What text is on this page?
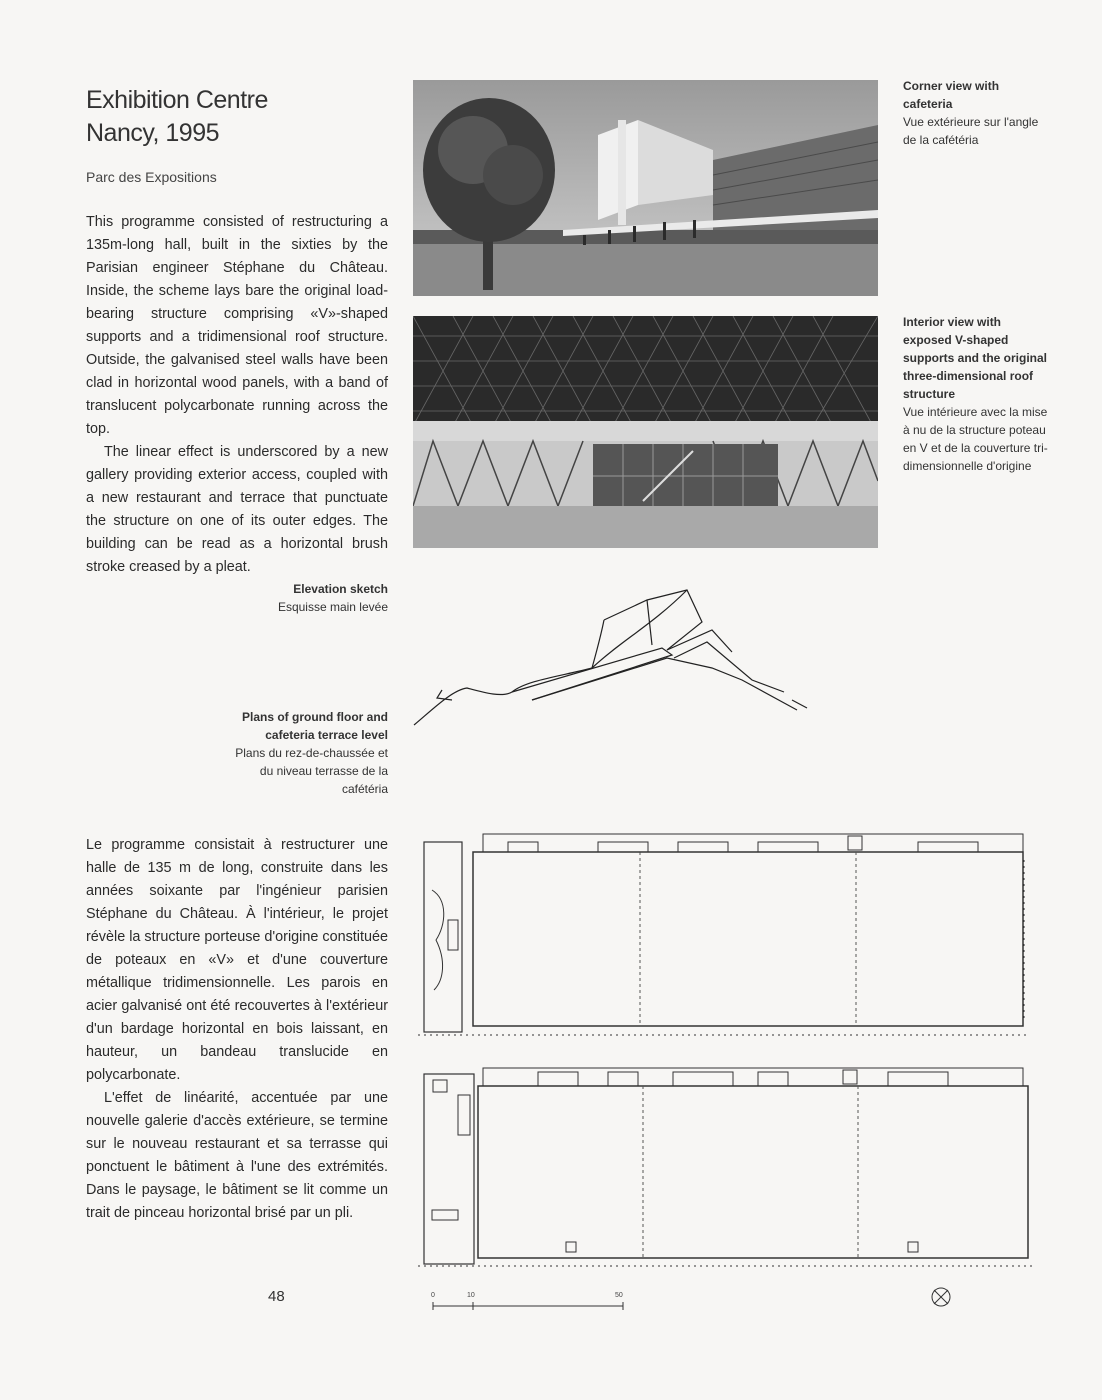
Exhibition Centre
Nancy, 1995
Parc des Expositions

This programme consisted of restructuring a 135m-long hall, built in the sixties by the Parisian engineer Stéphane du Château. Inside, the scheme lays bare the original load-bearing structure comprising «V»-shaped supports and a tridimensional roof structure. Outside, the galvanised steel walls have been clad in horizontal wood panels, with a band of translucent polycarbonate running across the top.

The linear effect is underscored by a new gallery providing exterior access, coupled with a new restaurant and terrace that punctuate the structure on one of its outer edges. The building can be read as a horizontal brush stroke creased by a pleat.

Corner view with cafeteria
Vue extérieure sur l'angle de la cafétéria
Interior view with exposed V-shaped supports and the original three-dimensional roof structure
Vue intérieure avec la mise à nu de la structure poteau en V et de la couverture tri-dimensionnelle d'origine
Elevation sketch
Esquisse main levée
Plans of ground floor and cafeteria terrace level
Plans du rez-de-chaussée et du niveau terrasse de la cafétéria

Le programme consistait à restructurer une halle de 135 m de long, construite dans les années soixante par l'ingénieur parisien Stéphane du Château. À l'intérieur, le projet révèle la structure porteuse d'origine constituée de poteaux en «V» et d'une couverture métallique tridimensionnelle. Les parois en acier galvanisé ont été recouvertes à l'extérieur d'un bardage horizontal en bois laissant, en hauteur, un bandeau translucide en polycarbonate.

L'effet de linéarité, accentuée par une nouvelle galerie d'accès extérieure, se termine sur le nouveau restaurant et sa terrasse qui ponctuent le bâtiment à l'une des extrémités. Dans le paysage, le bâtiment se lit comme un trait de pinceau horizontal brisé par un pli.

48	0	10	50
